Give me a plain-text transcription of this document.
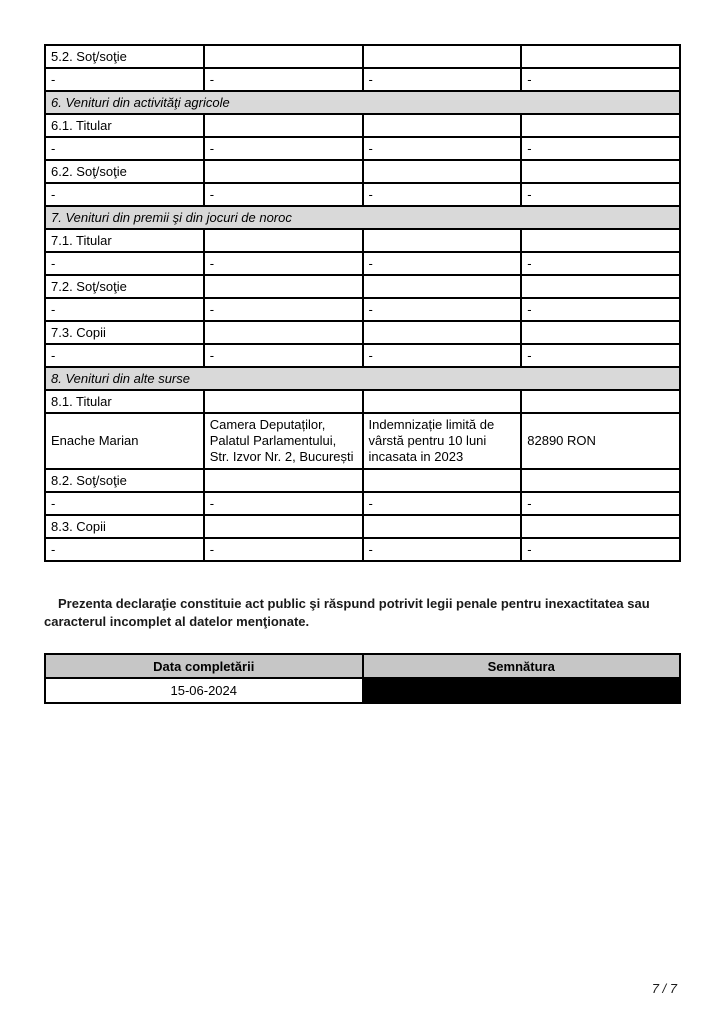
5.2. Soţ/soţie			
-	-	-	-
6. Venituri din activităţi agricole			
6.1. Titular			
-	-	-	-
6.2. Soţ/soţie			
-	-	-	-
7. Venituri din premii şi din jocuri de noroc			
7.1. Titular			
-	-	-	-
7.2. Soţ/soţie			
-	-	-	-
7.3. Copii			
-	-	-	-
8. Venituri din alte surse			
8.1. Titular			
Enache Marian	Camera Deputaților, Palatul Parlamentului, Str. Izvor Nr. 2, București	Indemnizație limită de vârstă pentru 10 luni incasata in 2023	82890 RON
8.2. Soţ/soţie			
-	-	-	-
8.3. Copii			
-	-	-	-

Prezenta declaraţie constituie act public şi răspund potrivit legii penale pentru inexactitatea sau caracterul incomplet al datelor menţionate.

Data completării	Semnătura
15-06-2024	
7 / 7
